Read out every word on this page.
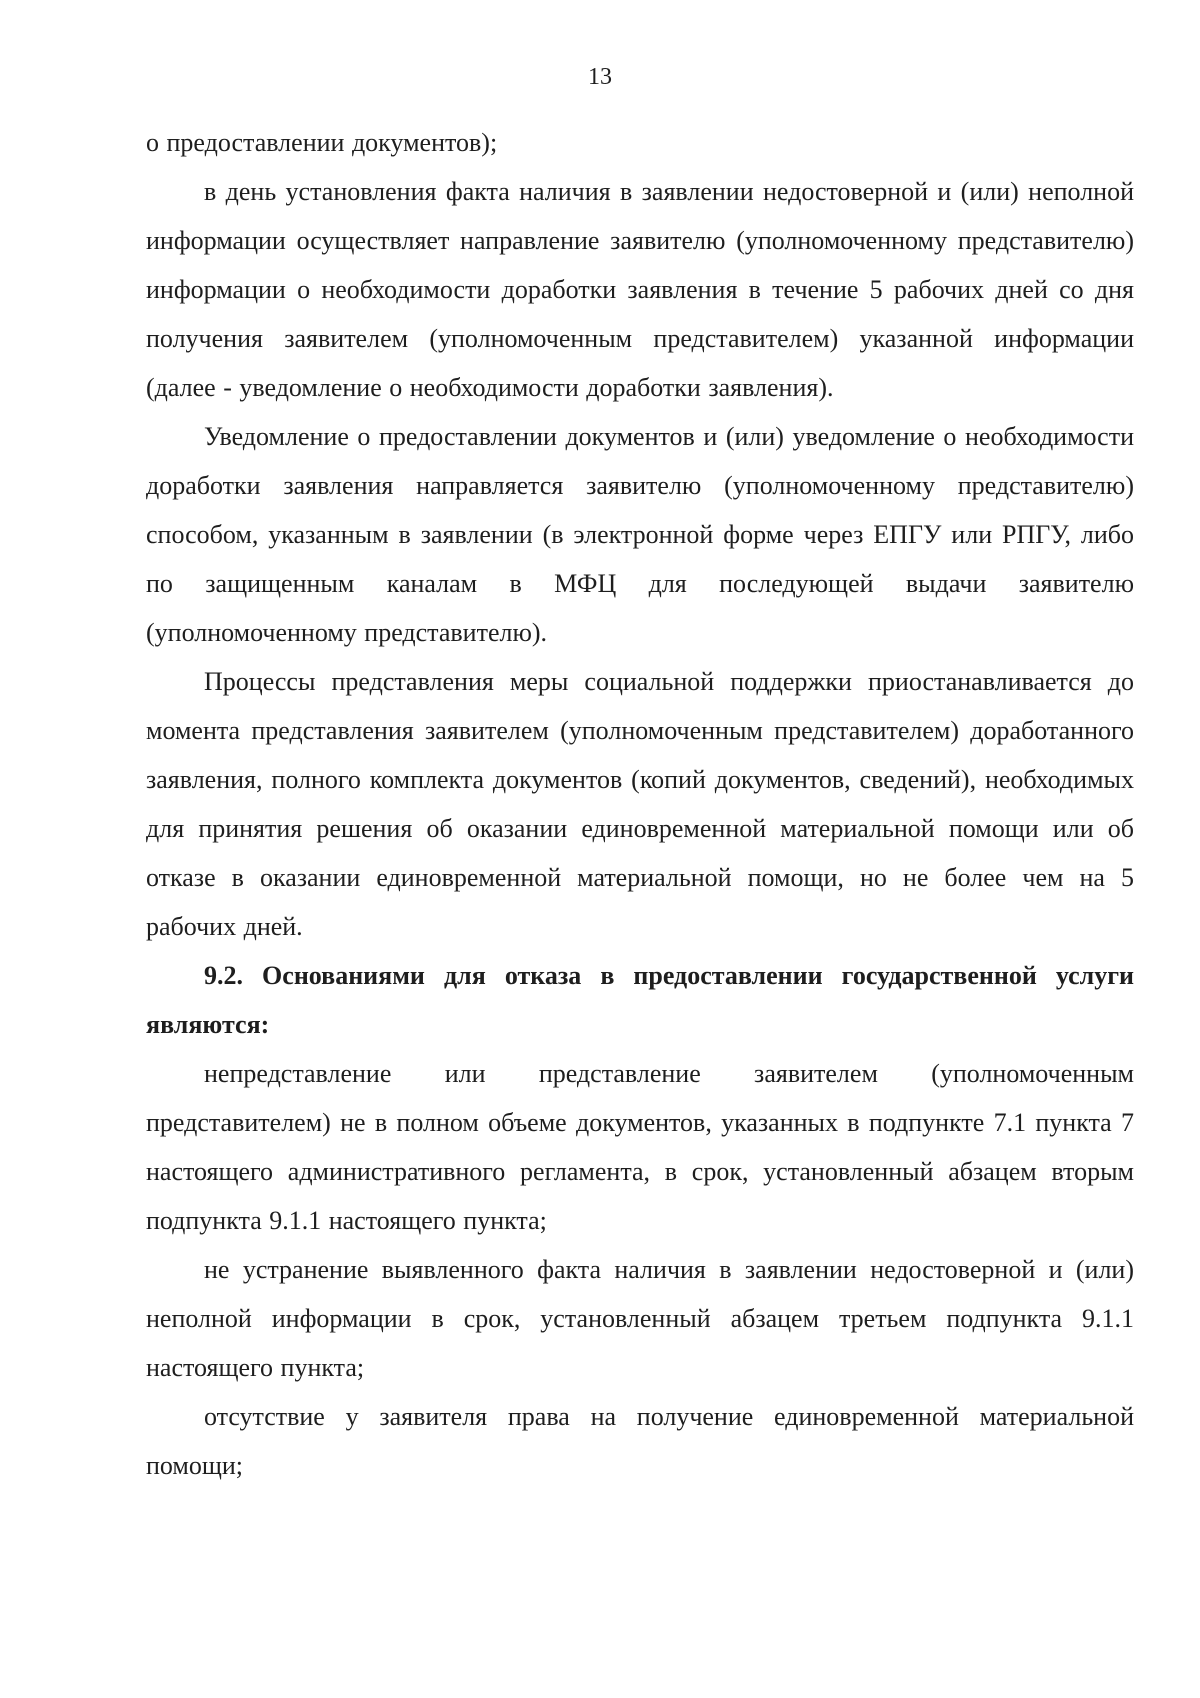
13

о предоставлении документов);

в день установления факта наличия в заявлении недостоверной и (или) неполной информации осуществляет направление заявителю (уполномоченному представителю) информации о необходимости доработки заявления в течение 5 рабочих дней со дня получения заявителем (уполномоченным представителем) указанной информации (далее - уведомление о необходимости доработки заявления).

Уведомление о предоставлении документов и (или) уведомление о необходимости доработки заявления направляется заявителю (уполномоченному представителю) способом, указанным в заявлении (в электронной форме через ЕПГУ или РПГУ, либо по защищенным каналам в МФЦ для последующей выдачи заявителю (уполномоченному представителю).

Процессы представления меры социальной поддержки приостанавливается до момента представления заявителем (уполномоченным представителем) доработанного заявления, полного комплекта документов (копий документов, сведений), необходимых для принятия решения об оказании единовременной материальной помощи или об отказе в оказании единовременной материальной помощи, но не более чем на 5 рабочих дней.

9.2. Основаниями для отказа в предоставлении государственной услуги являются:

непредставление или представление заявителем (уполномоченным представителем) не в полном объеме документов, указанных в подпункте 7.1 пункта 7 настоящего административного регламента, в срок, установленный абзацем вторым подпункта 9.1.1 настоящего пункта;

не устранение выявленного факта наличия в заявлении недостоверной и (или) неполной информации в срок, установленный абзацем третьем подпункта 9.1.1 настоящего пункта;

отсутствие у заявителя права на получение единовременной материальной помощи;
